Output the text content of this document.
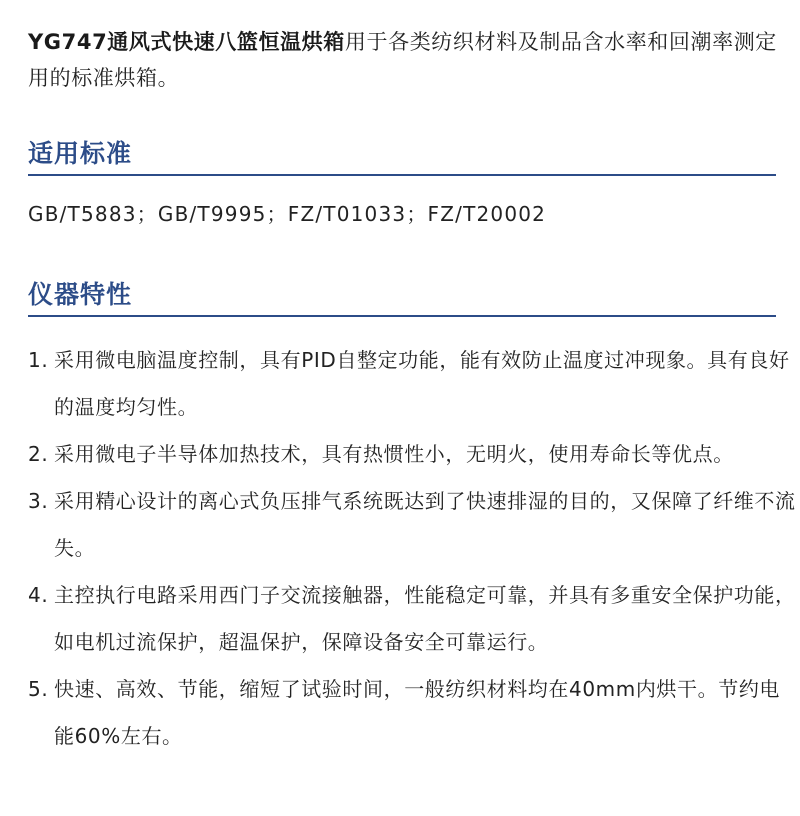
YG747通风式快速八篮恒温烘箱用于各类纺织材料及制品含水率和回潮率测定用的标准烘箱。

适用标准
GB/T5883；GB/T9995；FZ/T01033；FZ/T20002
仪器特性
1. 采用微电脑温度控制，具有PID自整定功能，能有效防止温度过冲现象。具有良好的温度均匀性。
2. 采用微电子半导体加热技术，具有热惯性小，无明火，使用寿命长等优点。
3. 采用精心设计的离心式负压排气系统既达到了快速排湿的目的，又保障了纤维不流失。
4. 主控执行电路采用西门子交流接触器，性能稳定可靠，并具有多重安全保护功能，如电机过流保护，超温保护，保障设备安全可靠运行。
5. 快速、高效、节能，缩短了试验时间，一般纺织材料均在40mm内烘干。节约电能60%左右。
